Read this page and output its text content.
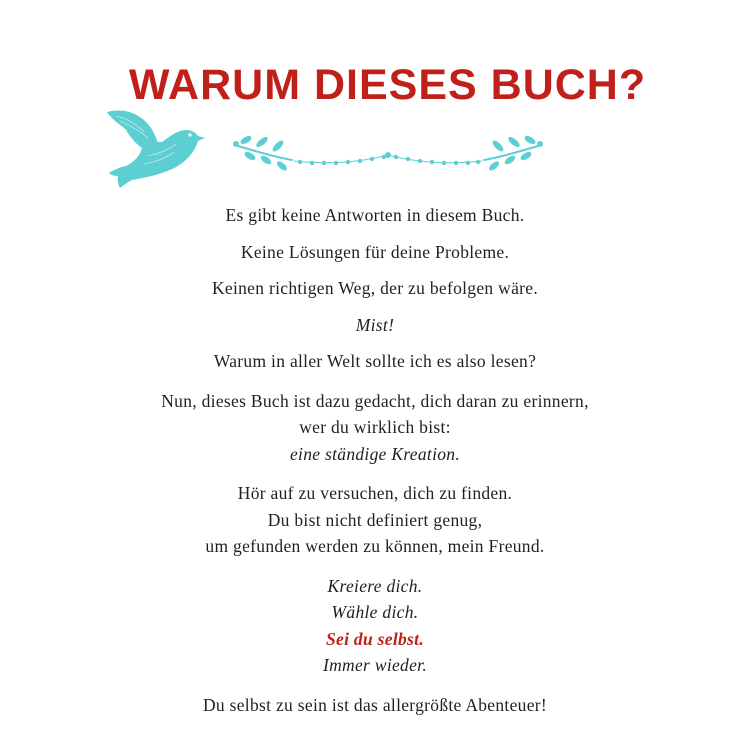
WARUM DIESES BUCH?

Es gibt keine Antworten in diesem Buch.

Keine Lösungen für deine Probleme.

Keinen richtigen Weg, der zu befolgen wäre.

Mist!

Warum in aller Welt sollte ich es also lesen?

Nun, dieses Buch ist dazu gedacht, dich daran zu erinnern,

wer du wirklich bist:

eine ständige Kreation.

Hör auf zu versuchen, dich zu finden.

Du bist nicht definiert genug,

um gefunden werden zu können, mein Freund.

Kreiere dich.

Wähle dich.

Sei du selbst.

Immer wieder.

Du selbst zu sein ist das allergrößte Abenteuer!
